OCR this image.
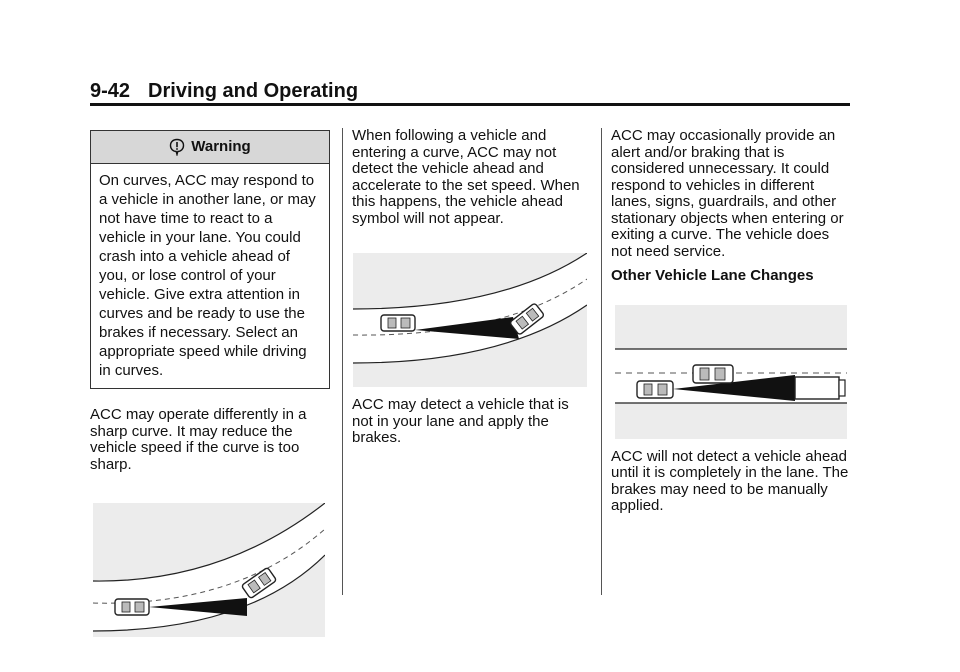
9-42 Driving and Operating
Warning
On curves, ACC may respond to a vehicle in another lane, or may not have time to react to a vehicle in your lane. You could crash into a vehicle ahead of you, or lose control of your vehicle. Give extra attention in curves and be ready to use the brakes if necessary. Select an appropriate speed while driving in curves.

ACC may operate differently in a sharp curve. It may reduce the vehicle speed if the curve is too sharp.

When following a vehicle and entering a curve, ACC may not detect the vehicle ahead and accelerate to the set speed. When this happens, the vehicle ahead symbol will not appear.

ACC may detect a vehicle that is not in your lane and apply the brakes.

ACC may occasionally provide an alert and/or braking that is considered unnecessary. It could respond to vehicles in different lanes, signs, guardrails, and other stationary objects when entering or exiting a curve. The vehicle does not need service.

Other Vehicle Lane Changes

ACC will not detect a vehicle ahead until it is completely in the lane. The brakes may need to be manually applied.
